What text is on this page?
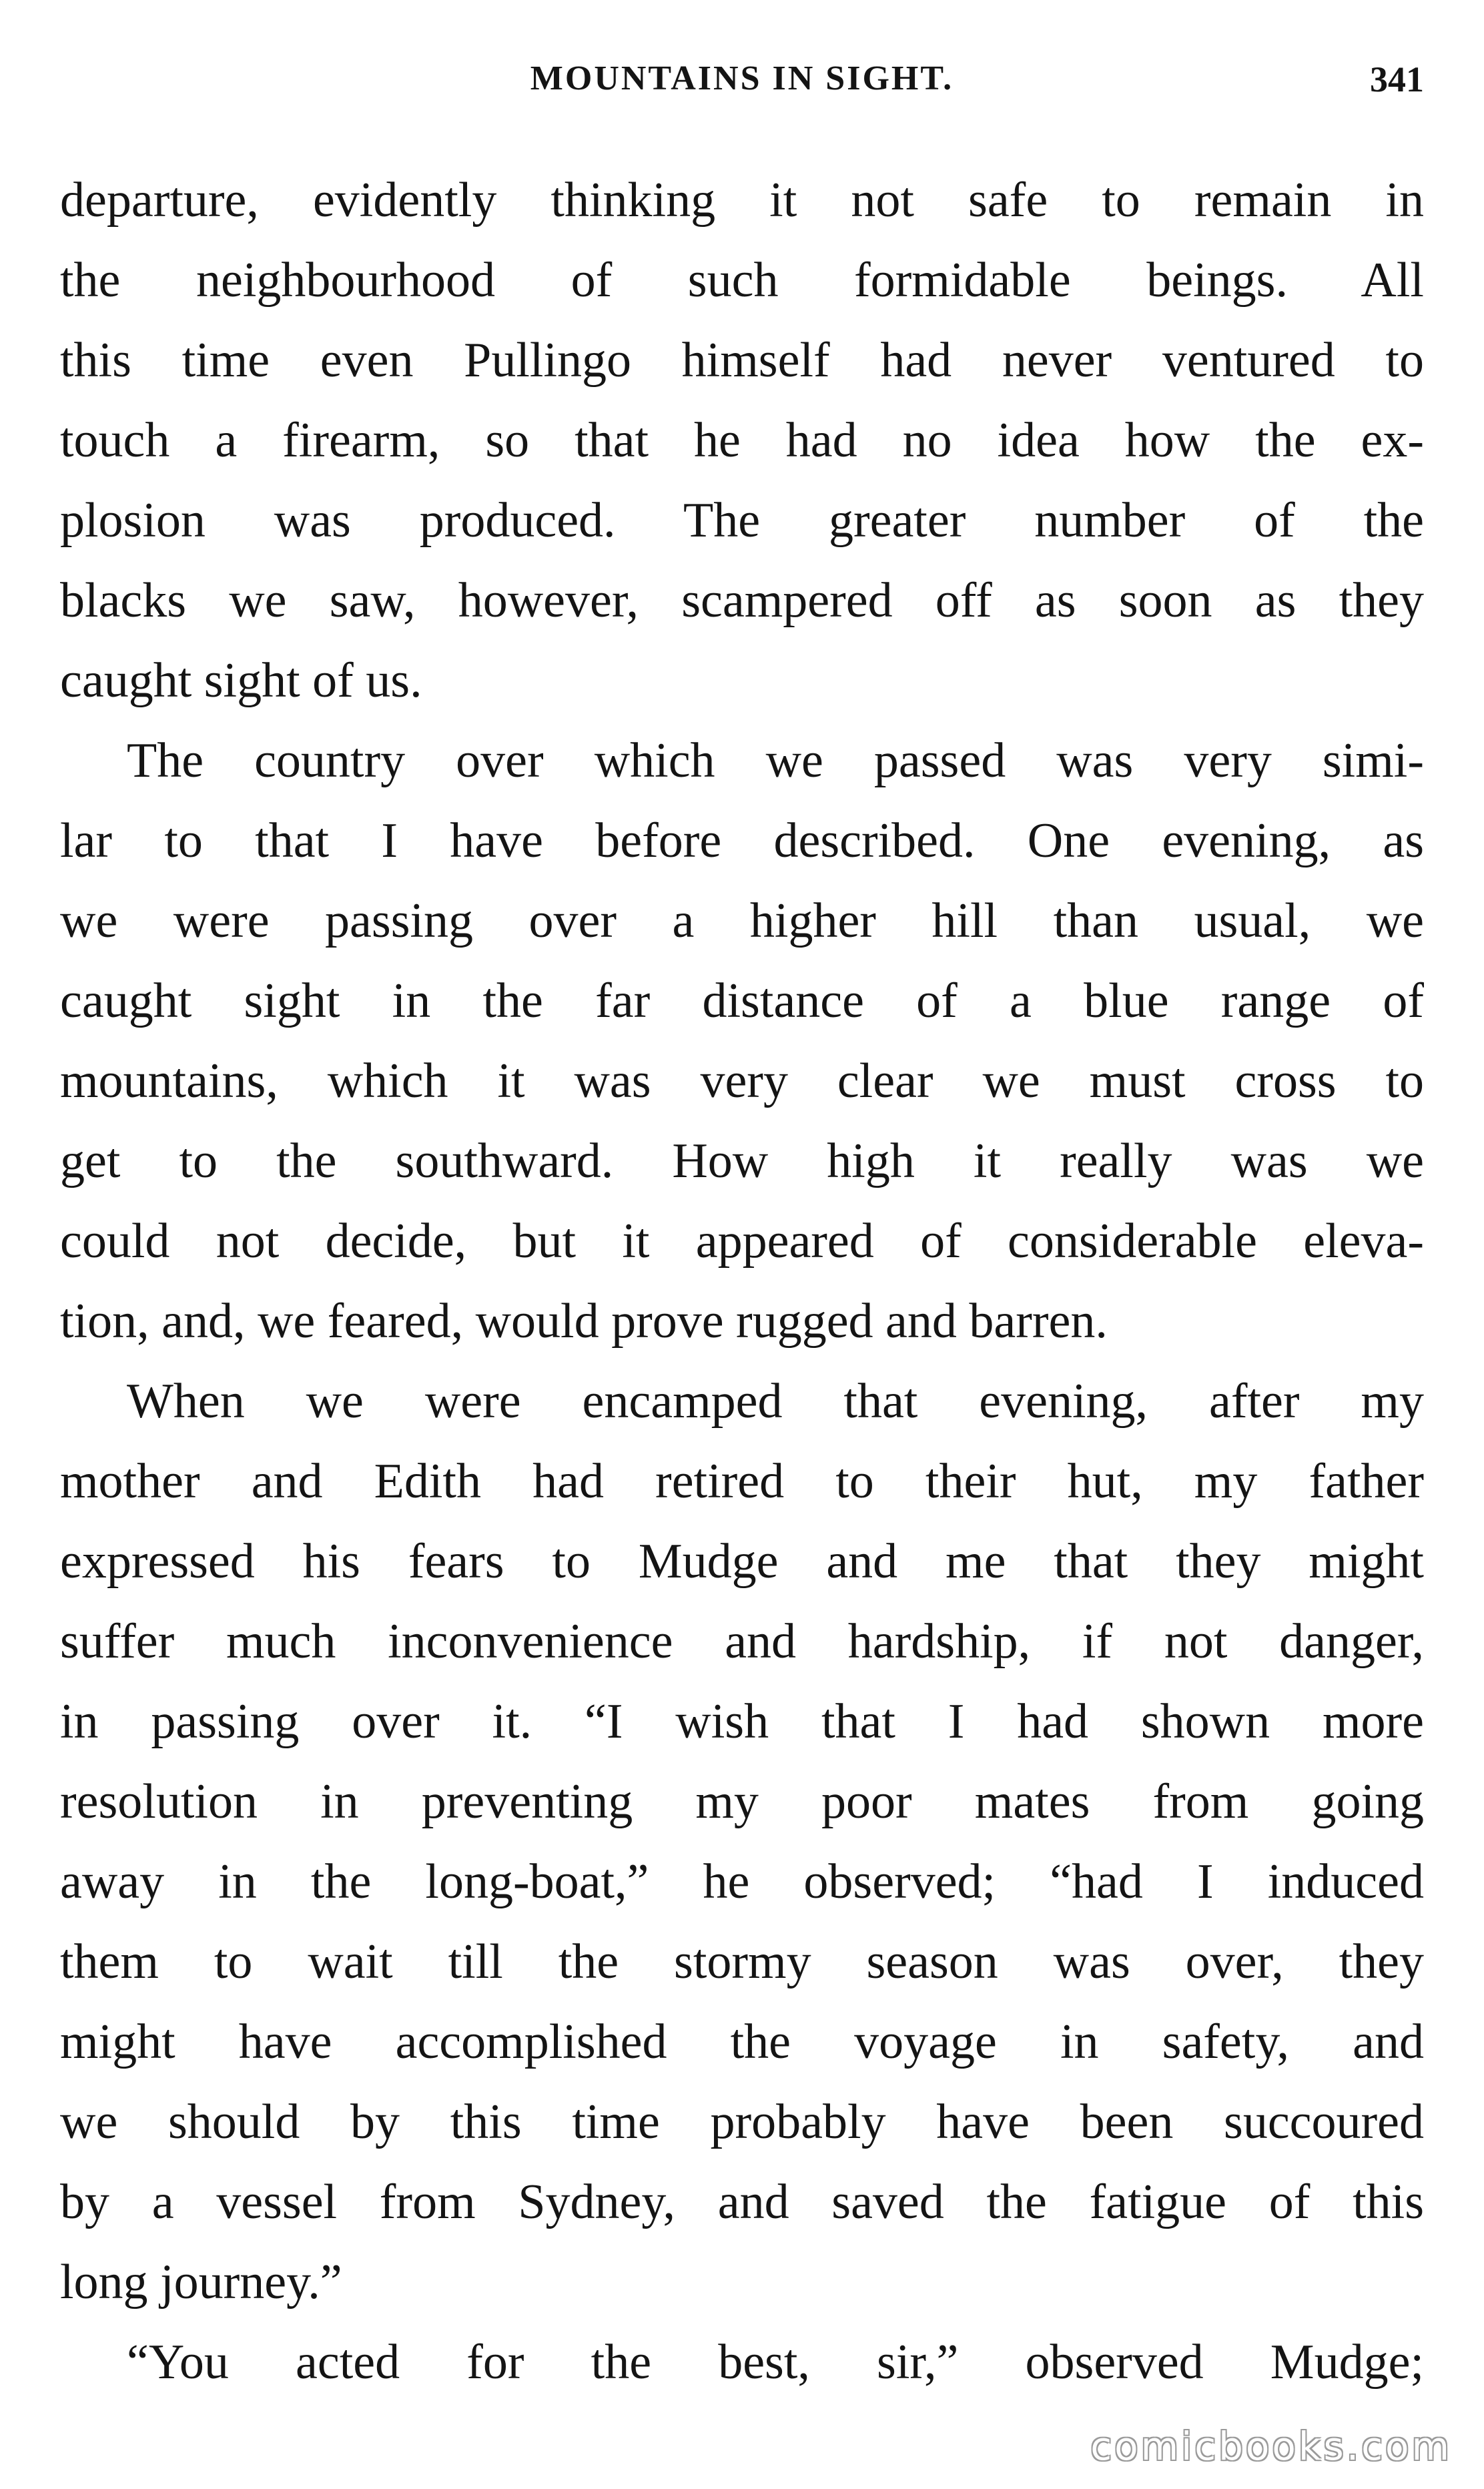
MOUNTAINS IN SIGHT.	341
departure, evidently thinking it not safe to remain in
the neighbourhood of such formidable beings. All
this time even Pullingo himself had never ventured to
touch a firearm, so that he had no idea how the ex-
plosion was produced. The greater number of the
blacks we saw, however, scampered off as soon as they
caught sight of us.
The country over which we passed was very simi-
lar to that I have before described. One evening, as
we were passing over a higher hill than usual, we
caught sight in the far distance of a blue range of
mountains, which it was very clear we must cross to
get to the southward. How high it really was we
could not decide, but it appeared of considerable eleva-
tion, and, we feared, would prove rugged and barren.
When we were encamped that evening, after my
mother and Edith had retired to their hut, my father
expressed his fears to Mudge and me that they might
suffer much inconvenience and hardship, if not danger,
in passing over it. “I wish that I had shown more
resolution in preventing my poor mates from going
away in the long-boat,” he observed; “had I induced
them to wait till the stormy season was over, they
might have accomplished the voyage in safety, and
we should by this time probably have been succoured
by a vessel from Sydney, and saved the fatigue of this
long journey.”
“You acted for the best, sir,” observed Mudge;
comicbooks.com
